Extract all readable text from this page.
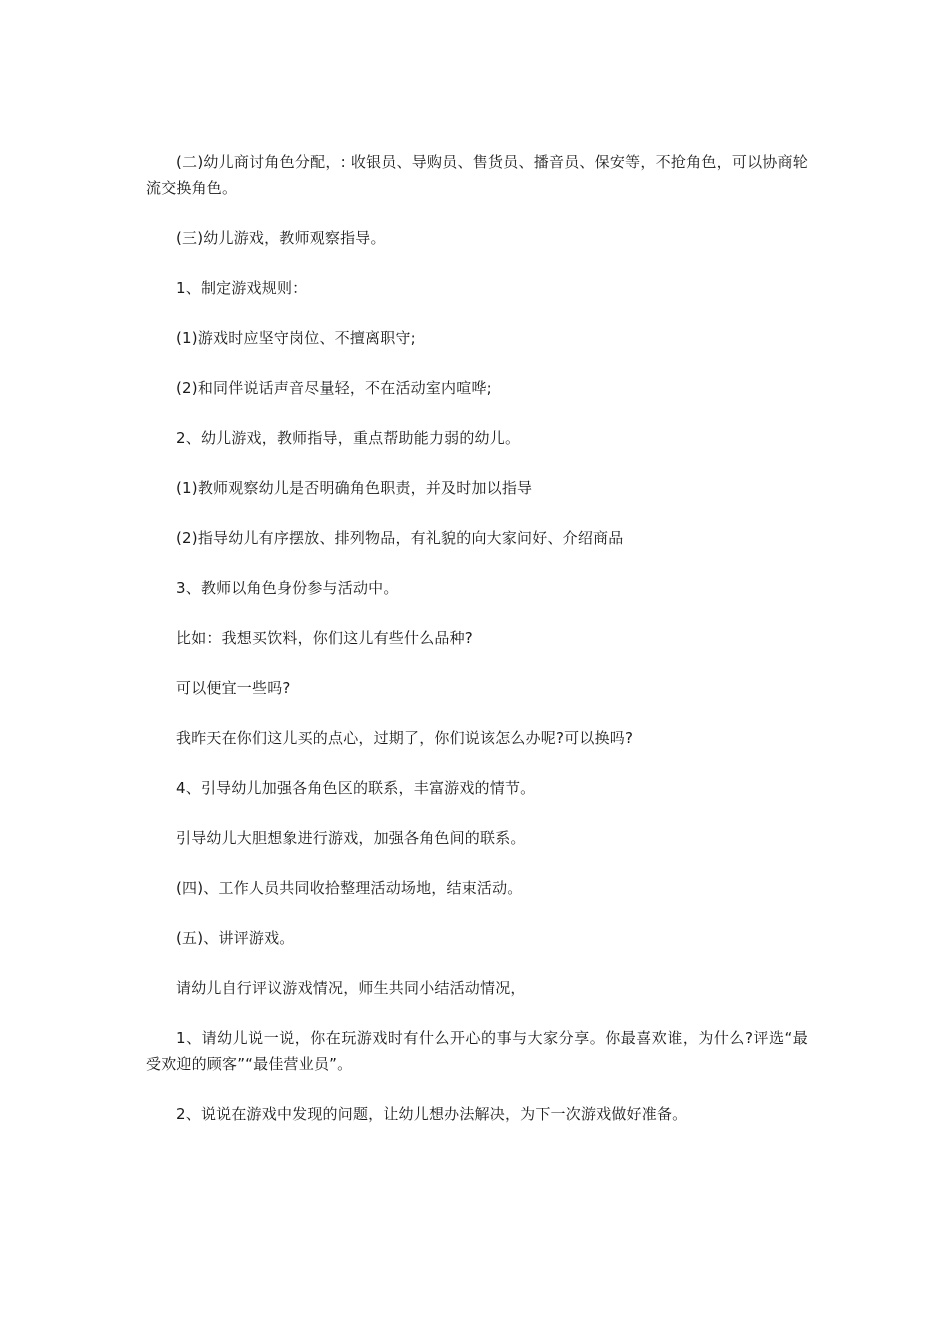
(二)幼儿商讨角色分配，: 收银员、导购员、售货员、播音员、保安等，不抢角色，可以协商轮流交换角色。

(三)幼儿游戏，教师观察指导。

1、制定游戏规则：

(1)游戏时应坚守岗位、不擅离职守;

(2)和同伴说话声音尽量轻，不在活动室内喧哗;

2、幼儿游戏，教师指导，重点帮助能力弱的幼儿。

(1)教师观察幼儿是否明确角色职责，并及时加以指导

(2)指导幼儿有序摆放、排列物品，有礼貌的向大家问好、介绍商品

3、教师以角色身份参与活动中。

比如：我想买饮料，你们这儿有些什么品种?

可以便宜一些吗?

我昨天在你们这儿买的点心，过期了，你们说该怎么办呢?可以换吗?

4、引导幼儿加强各角色区的联系，丰富游戏的情节。

引导幼儿大胆想象进行游戏，加强各角色间的联系。

(四)、工作人员共同收拾整理活动场地，结束活动。

(五)、讲评游戏。

请幼儿自行评议游戏情况，师生共同小结活动情况，

1、请幼儿说一说，你在玩游戏时有什么开心的事与大家分享。你最喜欢谁，为什么?评选“最受欢迎的顾客”“最佳营业员”。

2、说说在游戏中发现的问题，让幼儿想办法解决，为下一次游戏做好准备。
